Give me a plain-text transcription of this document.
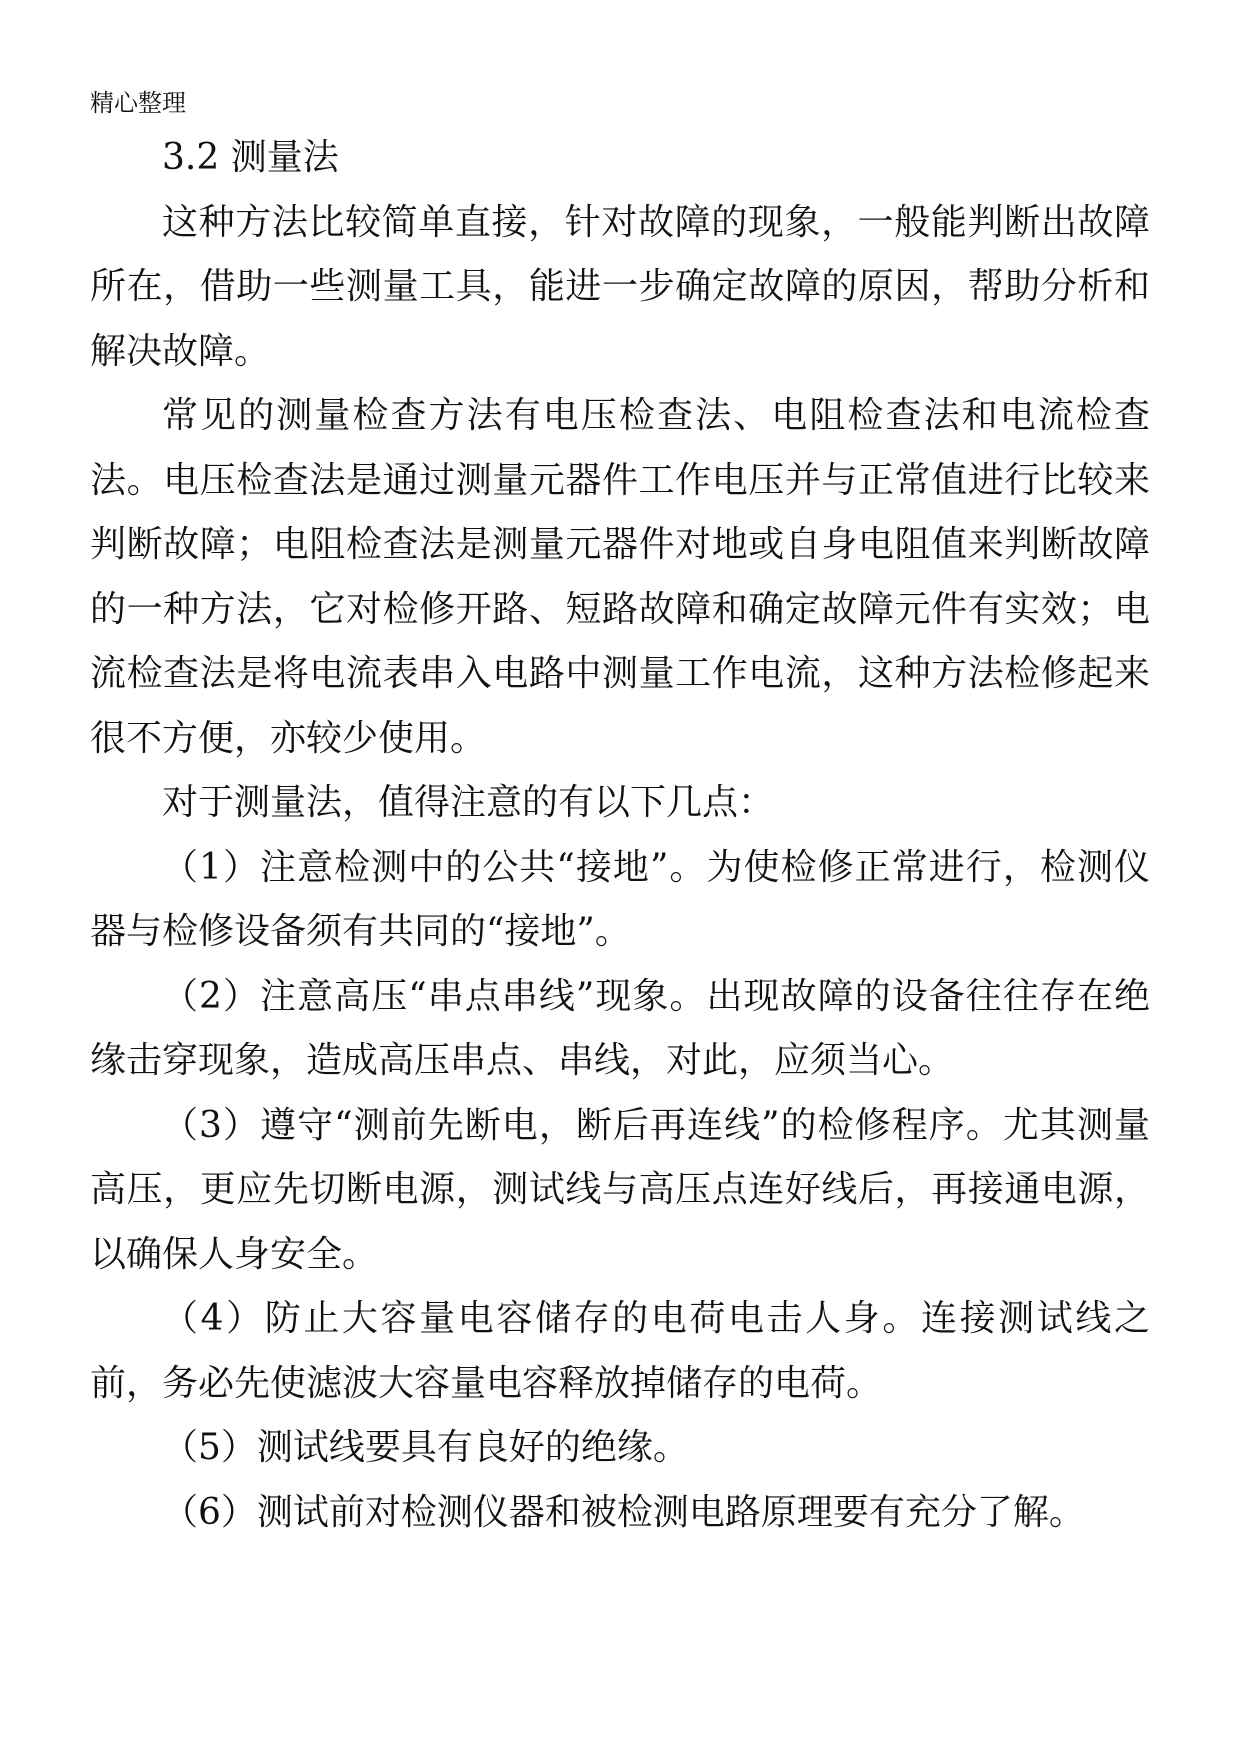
精心整理

3.2 测量法

这种方法比较简单直接，针对故障的现象，一般能判断出故障所在，借助一些测量工具，能进一步确定故障的原因，帮助分析和解决故障。

常见的测量检查方法有电压检查法、电阻检查法和电流检查法。电压检查法是通过测量元器件工作电压并与正常值进行比较来判断故障；电阻检查法是测量元器件对地或自身电阻值来判断故障的一种方法，它对检修开路、短路故障和确定故障元件有实效；电流检查法是将电流表串入电路中测量工作电流，这种方法检修起来很不方便，亦较少使用。

对于测量法，值得注意的有以下几点：

（1）注意检测中的公共“接地”。为使检修正常进行，检测仪器与检修设备须有共同的“接地”。

（2）注意高压“串点串线”现象。出现故障的设备往往存在绝缘击穿现象，造成高压串点、串线，对此，应须当心。

（3）遵守“测前先断电，断后再连线”的检修程序。尤其测量高压，更应先切断电源，测试线与高压点连好线后，再接通电源，以确保人身安全。

（4）防止大容量电容储存的电荷电击人身。连接测试线之前，务必先使滤波大容量电容释放掉储存的电荷。

（5）测试线要具有良好的绝缘。

（6）测试前对检测仪器和被检测电路原理要有充分了解。
